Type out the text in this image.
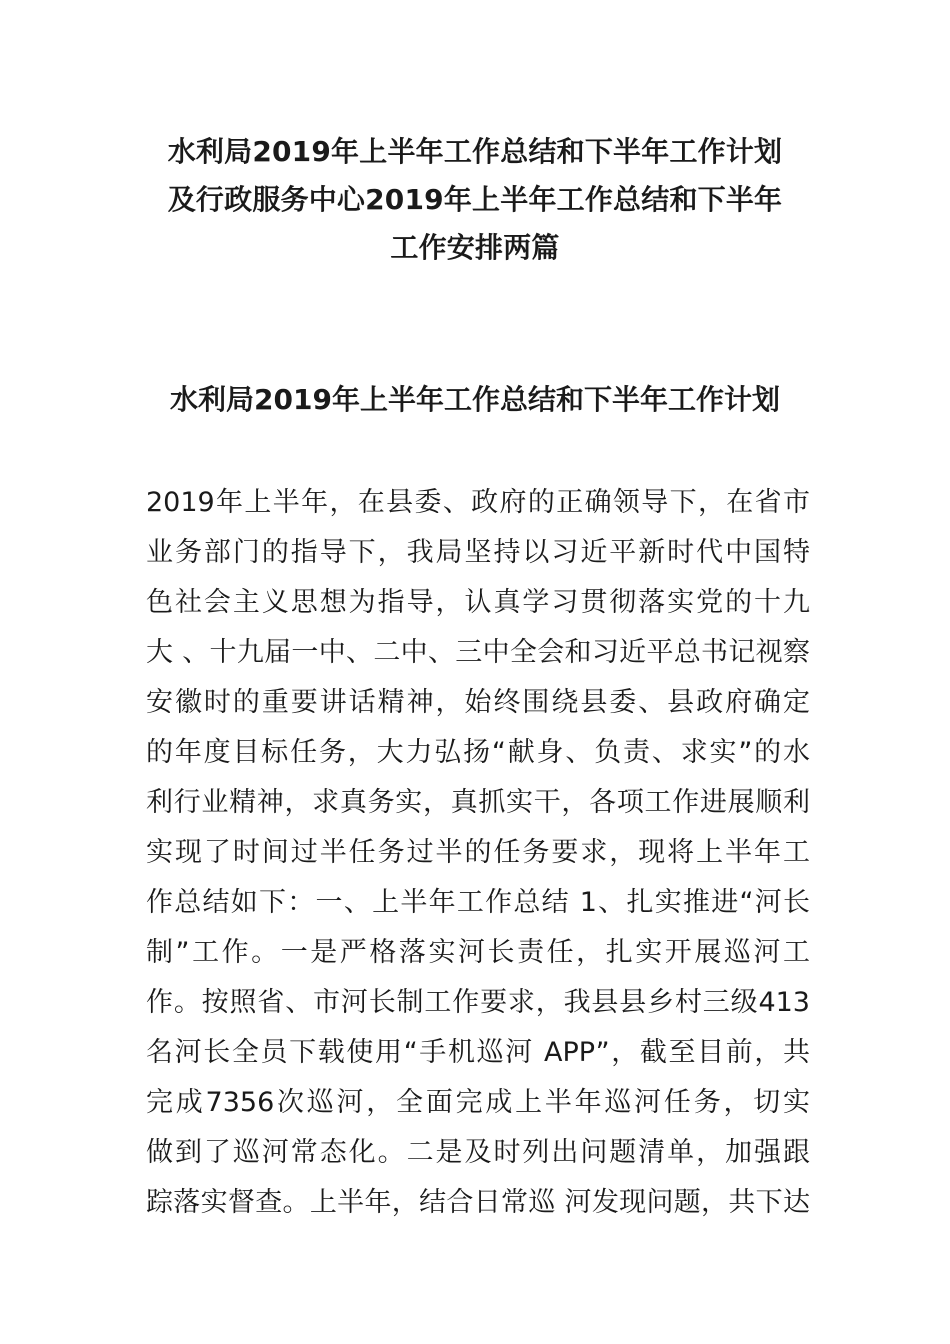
水利局2019年上半年工作总结和下半年工作计划
及行政服务中心2019年上半年工作总结和下半年
工作安排两篇
水利局2019年上半年工作总结和下半年工作计划
2019年上半年，在县委、政府的正确领导下，在省市
业务部门的指导下，我局坚持以习近平新时代中国特
色社会主义思想为指导，认真学习贯彻落实党的十九
大 、十九届一中、二中、三中全会和习近平总书记视察
安徽时的重要讲话精神，始终围绕县委、县政府确定
的年度目标任务，大力弘扬“献身、负责、求实”的水
利行业精神，求真务实，真抓实干，各项工作进展顺利
实现了时间过半任务过半的任务要求，现将上半年工
作总结如下：一、上半年工作总结 1、扎实推进“河长
制”工作。一是严格落实河长责任，扎实开展巡河工
作。按照省、市河长制工作要求，我县县乡村三级413
名河长全员下载使用“手机巡河 APP”，截至目前，共
完成7356次巡河，全面完成上半年巡河任务，切实
做到了巡河常态化。二是及时列出问题清单，加强跟
踪落实督查。上半年，结合日常巡 河发现问题，共下达
